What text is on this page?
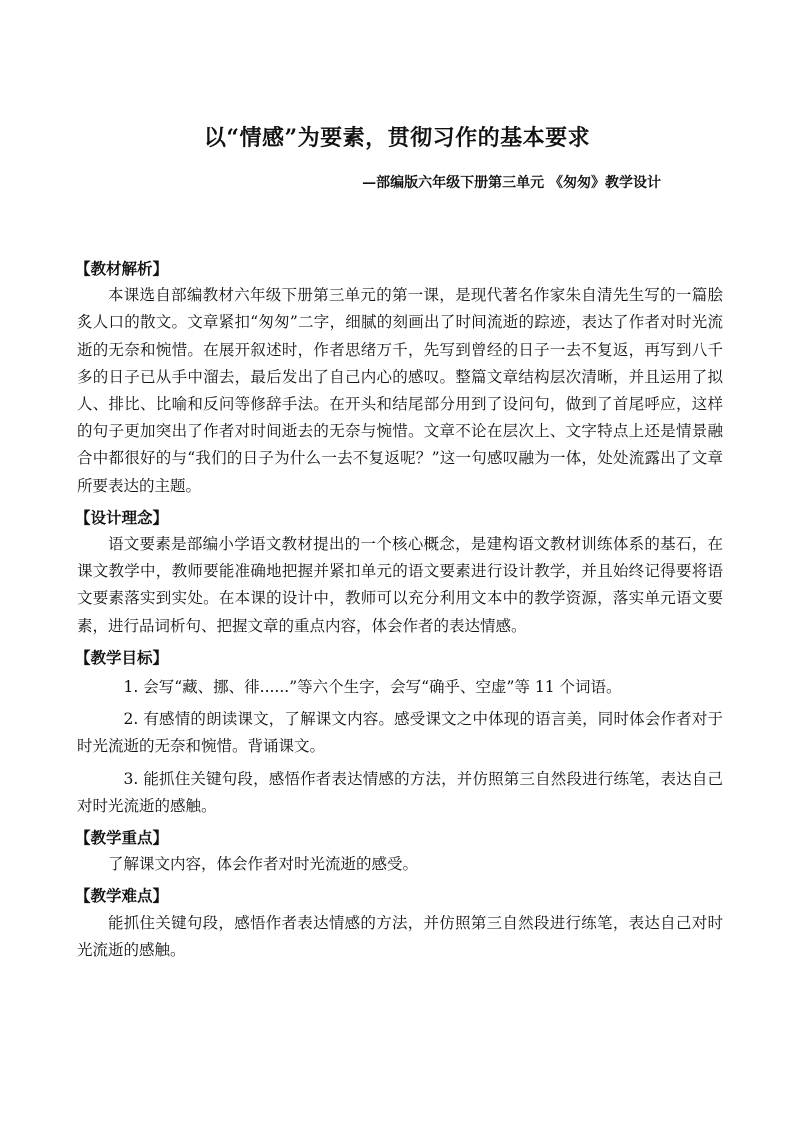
以“情感”为要素，贯彻习作的基本要求
—部编版六年级下册第三单元 《匆匆》教学设计
【教材解析】

本课选自部编教材六年级下册第三单元的第一课，是现代著名作家朱自清先生写的一篇脍炙人口的散文。文章紧扣“匆匆”二字，细腻的刻画出了时间流逝的踪迹，表达了作者对时光流逝的无奈和惋惜。在展开叙述时，作者思绪万千，先写到曾经的日子一去不复返，再写到八千多的日子已从手中溜去，最后发出了自己内心的感叹。整篇文章结构层次清晰，并且运用了拟人、排比、比喻和反问等修辞手法。在开头和结尾部分用到了设问句，做到了首尾呼应，这样的句子更加突出了作者对时间逝去的无奈与惋惜。文章不论在层次上、文字特点上还是情景融合中都很好的与“我们的日子为什么一去不复返呢？”这一句感叹融为一体，处处流露出了文章所要表达的主题。

【设计理念】

语文要素是部编小学语文教材提出的一个核心概念，是建构语文教材训练体系的基石，在课文教学中，教师要能准确地把握并紧扣单元的语文要素进行设计教学，并且始终记得要将语文要素落实到实处。在本课的设计中，教师可以充分利用文本中的教学资源，落实单元语文要素，进行品词析句、把握文章的重点内容，体会作者的表达情感。

【教学目标】

1. 会写“藏、挪、徘......”等六个生字，会写“确乎、空虚”等 11 个词语。

2. 有感情的朗读课文，了解课文内容。感受课文之中体现的语言美，同时体会作者对于时光流逝的无奈和惋惜。背诵课文。

3. 能抓住关键句段，感悟作者表达情感的方法，并仿照第三自然段进行练笔，表达自己对时光流逝的感触。

【教学重点】

了解课文内容，体会作者对时光流逝的感受。

【教学难点】

能抓住关键句段，感悟作者表达情感的方法，并仿照第三自然段进行练笔，表达自己对时光流逝的感触。
